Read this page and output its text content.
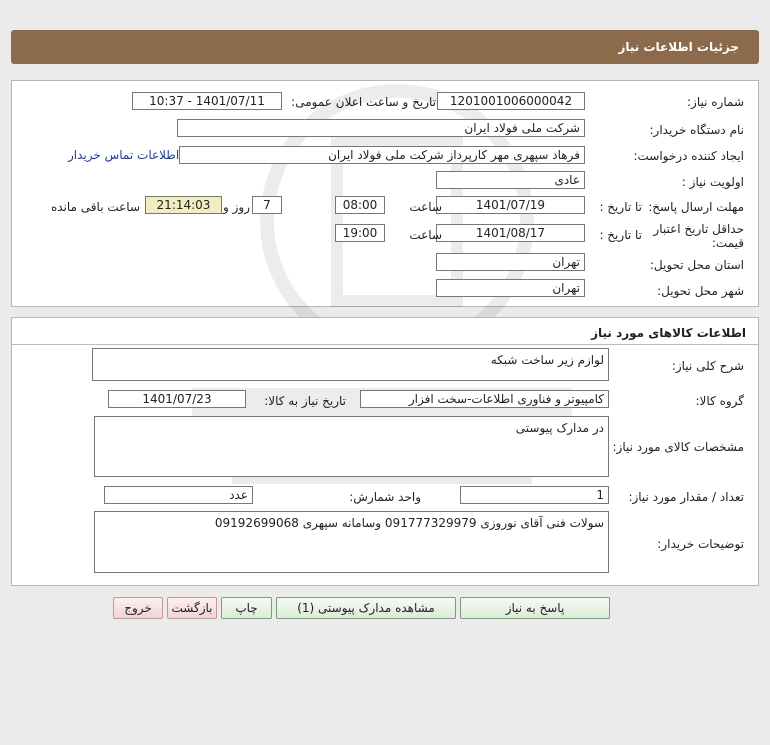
جزئیات اطلاعات نیاز
شماره نیاز:
1201001006000042
تاریخ و ساعت اعلان عمومی:
1401/07/11 - 10:37
نام دستگاه خریدار:
شرکت ملی فولاد ایران
ایجاد کننده درخواست:
فرهاد سپهری مهر کارپرداز شرکت ملی فولاد ایران
اطلاعات تماس خریدار
اولویت نیاز :
عادی
مهلت ارسال پاسخ:
تا تاریخ :
1401/07/19
ساعت
08:00
7
روز و
21:14:03
ساعت باقی مانده
حداقل تاریخ اعتبار قیمت:
تا تاریخ :
1401/08/17
ساعت
19:00
استان محل تحویل:
تهران
شهر محل تحویل:
تهران
اطلاعات کالاهای مورد نیاز
شرح کلی نیاز:
لوازم زیر ساخت شبکه
گروه کالا:
کامپیوتر و فناوری اطلاعات-سخت افزار
تاریخ نیاز به کالا:
1401/07/23
مشخصات کالای مورد نیاز:
در مدارک پیوستی
تعداد / مقدار مورد نیاز:
1
واحد شمارش:
عدد
توضیحات خریدار:
سولات فنی آقای نوروزی 091777329979 وسامانه سپهری 09192699068
پاسخ به نیاز
مشاهده مدارک پیوستی (1)
چاپ
بازگشت
خروج
